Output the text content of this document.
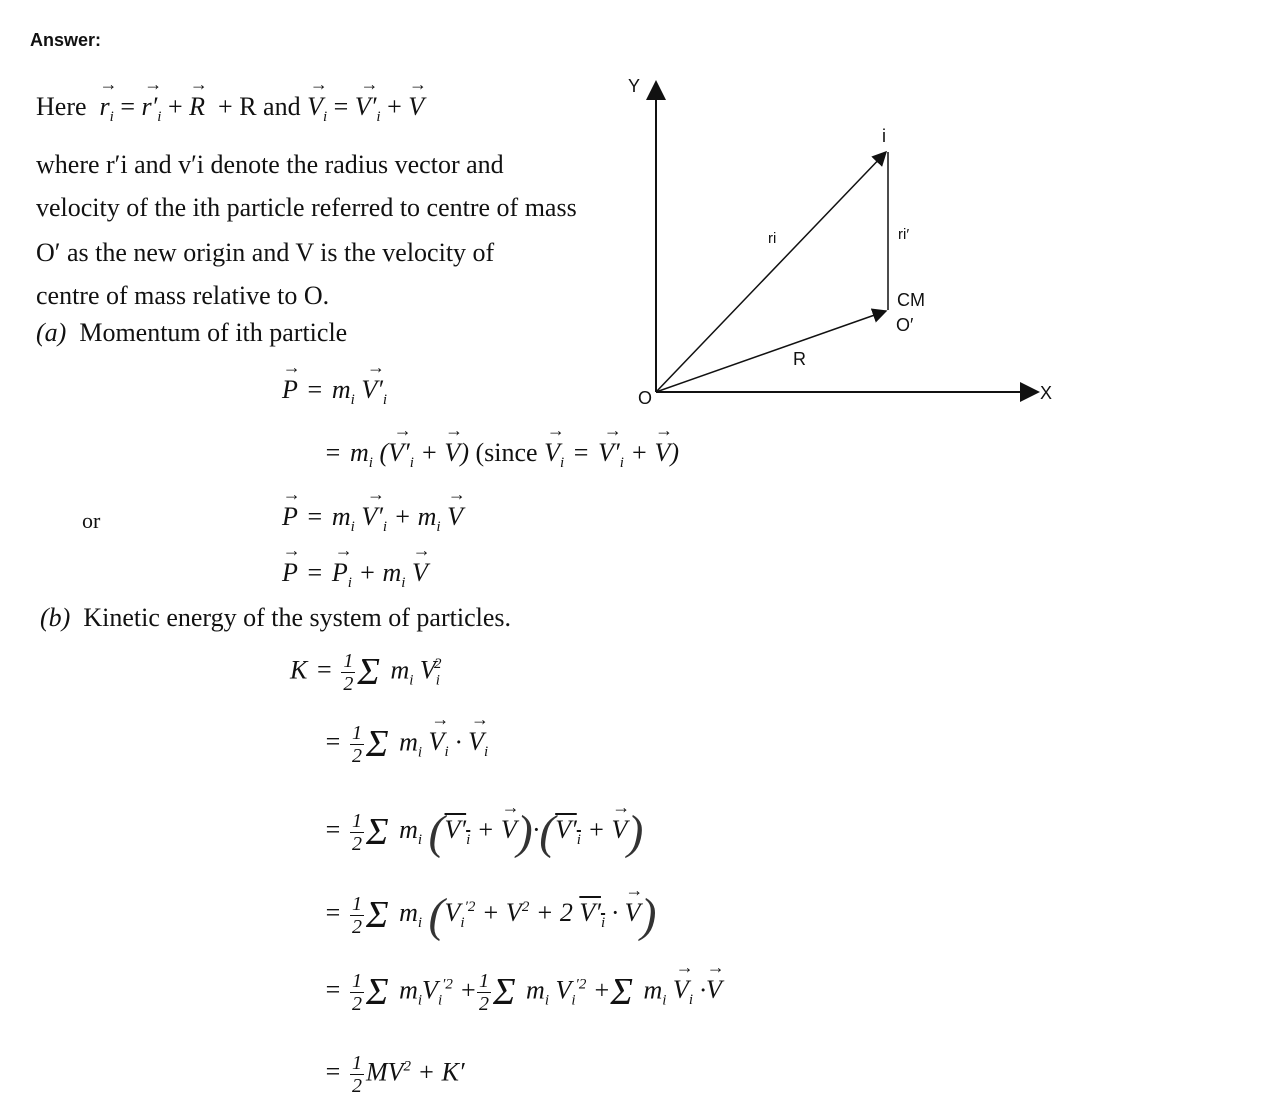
Answer:
Here → $r_i$ = → $r'_i$ + → R + R and → $V_i$ = → $V'_i$ + → V
where r′i and v′i denote the radius vector and
velocity of the ith particle referred to centre of mass
O′ as the new origin and V is the velocity of
centre of mass relative to O.
(a) Momentum of ith particle
→ $P = m_i \to V'_i$
= $m_i$ (→ $V'_i$ + → V) (since → $V_i$ = → $V'_i$ + → V)
or	→ $P = m_i \to V'_i + m_i \to V$
→ P = → $P_i + m_i \to V$
(b) Kinetic energy of the system of particles.
$K = \frac{1}{2}$ Σ $m_i$ $V_i^2$
= $\frac{1}{2}$ Σ $m_i \to V_i$ · → $V_i$
= $\frac{1}{2}$ Σ $m_i$ ($V'_i$ + → $V)\cdot(V'_i$ + → V)
= $\frac{1}{2}$ Σ $m_i$ ($V_i^{'2} + V^2 + 2$ $V'_i$ · → V)
= $\frac{1}{2}$ Σ $m_iV_i^{'2} + \frac{1}{2}$ Σ $m_i$ $V_i^{'2} +\Sigma$ $m_i \to V_i \cdot\to V$
= $\frac{1}{2} MV^2 + K'$
Y
X
O
i
ri	ri′
R
CM
O′
